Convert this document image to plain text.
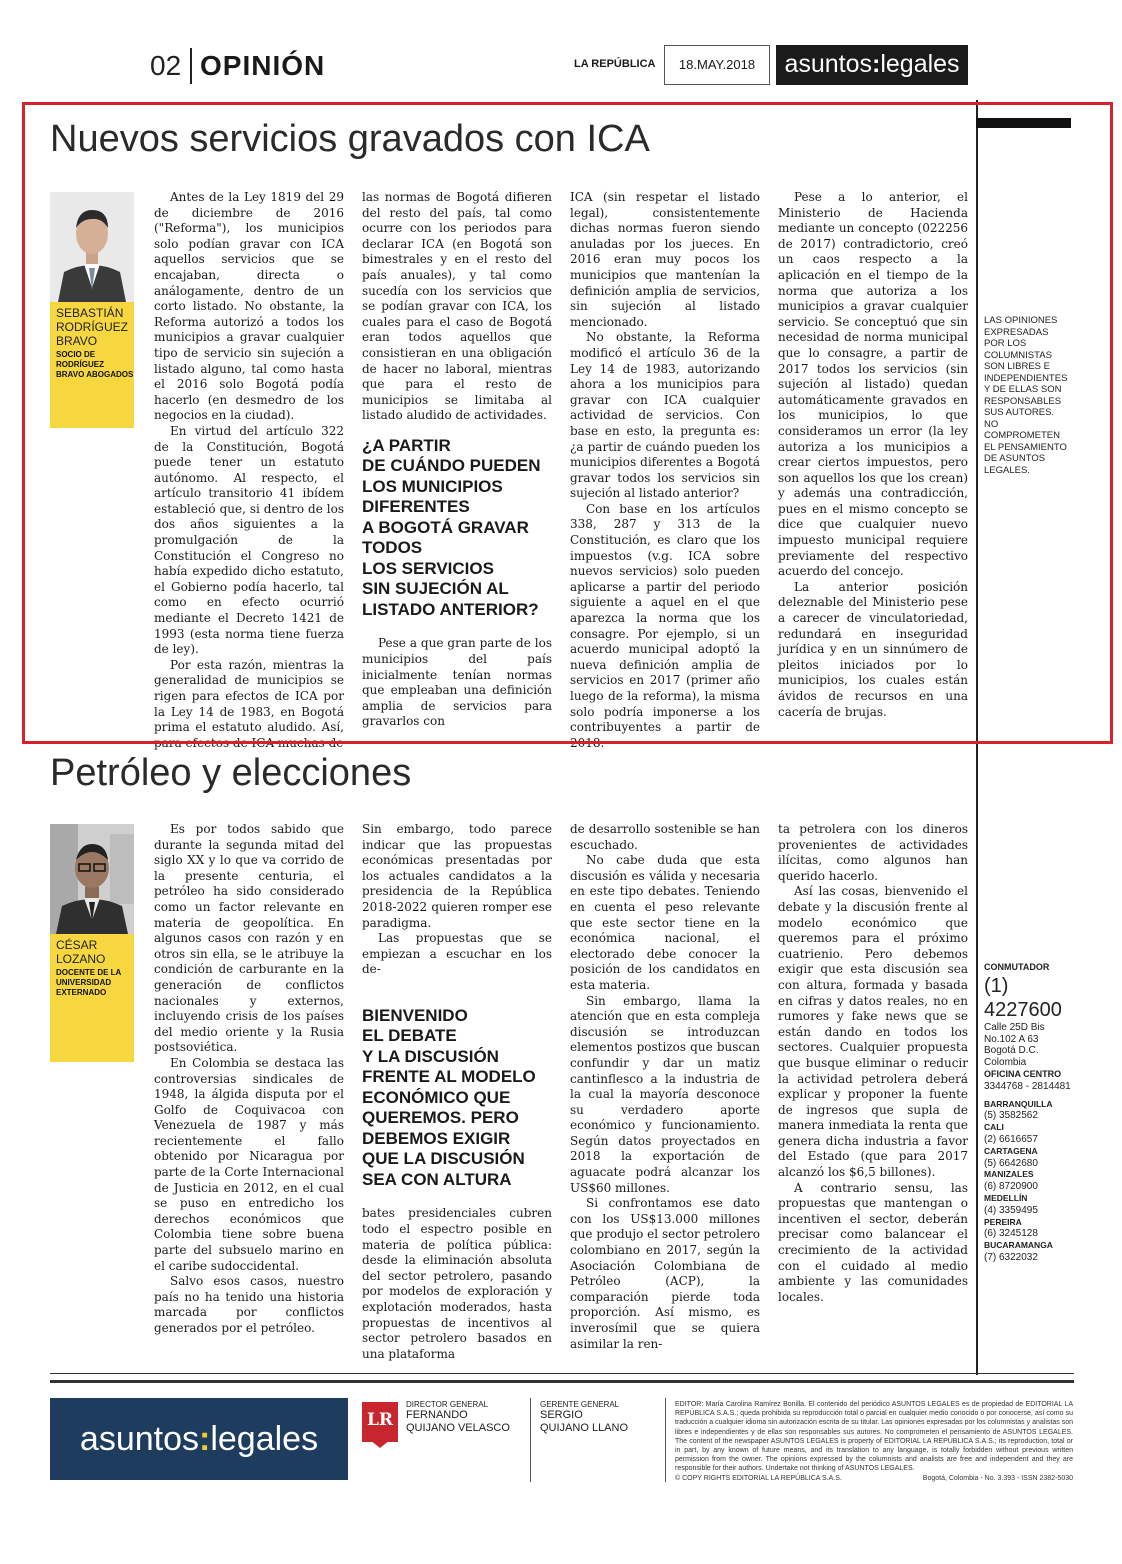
02 OPINIÓN	LA REPÚBLICA	18.MAY.2018	asuntos:legales
Nuevos servicios gravados con ICA
SEBASTIÁN
RODRÍGUEZ
BRAVO
SOCIO DE
RODRÍGUEZ
BRAVO ABOGADOS

Antes de la Ley 1819 del 29 de diciembre de 2016 ("Reforma"), los municipios solo podían gravar con ICA aquellos servicios que se encajaban, directa o análogamente, dentro de un corto listado. No obstante, la Reforma autorizó a todos los municipios a gravar cualquier tipo de servicio sin sujeción a listado alguno, tal como hasta el 2016 solo Bogotá podía hacerlo (en desmedro de los negocios en la ciudad).

En virtud del artículo 322 de la Constitución, Bogotá puede tener un estatuto autónomo. Al respecto, el artículo transitorio 41 ibídem estableció que, si dentro de los dos años siguientes a la promulgación de la Constitución el Congreso no había expedido dicho estatuto, el Gobierno podía hacerlo, tal como en efecto ocurrió mediante el Decreto 1421 de 1993 (esta norma tiene fuerza de ley).

Por esta razón, mientras la generalidad de municipios se rigen para efectos de ICA por la Ley 14 de 1983, en Bogotá prima el estatuto aludido. Así, para efectos de ICA muchas de

las normas de Bogotá difieren del resto del país, tal como ocurre con los periodos para declarar ICA (en Bogotá son bimestrales y en el resto del país anuales), y tal como sucedía con los servicios que se podían gravar con ICA, los cuales para el caso de Bogotá eran todos aquellos que consistieran en una obligación de hacer no laboral, mientras que para el resto de municipios se limitaba al listado aludido de actividades.

¿A PARTIR
DE CUÁNDO PUEDEN
LOS MUNICIPIOS
DIFERENTES
A BOGOTÁ GRAVAR
TODOS
LOS SERVICIOS
SIN SUJECIÓN AL
LISTADO ANTERIOR?

Pese a que gran parte de los municipios del país inicialmente tenían normas que empleaban una definición amplia de servicios para gravarlos con

ICA (sin respetar el listado legal), consistentemente dichas normas fueron siendo anuladas por los jueces. En 2016 eran muy pocos los municipios que mantenían la definición amplia de servicios, sin sujeción al listado mencionado.

No obstante, la Reforma modificó el artículo 36 de la Ley 14 de 1983, autorizando ahora a los municipios para gravar con ICA cualquier actividad de servicios. Con base en esto, la pregunta es: ¿a partir de cuándo pueden los municipios diferentes a Bogotá gravar todos los servicios sin sujeción al listado anterior?

Con base en los artículos 338, 287 y 313 de la Constitución, es claro que los impuestos (v.g. ICA sobre nuevos servicios) solo pueden aplicarse a partir del periodo siguiente a aquel en el que aparezca la norma que los consagre. Por ejemplo, si un acuerdo municipal adoptó la nueva definición amplia de servicios en 2017 (primer año luego de la reforma), la misma solo podría imponerse a los contribuyentes a partir de 2018.

Pese a lo anterior, el Ministerio de Hacienda mediante un concepto (022256 de 2017) contradictorio, creó un caos respecto a la aplicación en el tiempo de la norma que autoriza a los municipios a gravar cualquier servicio. Se conceptuó que sin necesidad de norma municipal que lo consagre, a partir de 2017 todos los servicios (sin sujeción al listado) quedan automáticamente gravados en los municipios, lo que consideramos un error (la ley autoriza a los municipios a crear ciertos impuestos, pero son aquellos los que los crean) y además una contradicción, pues en el mismo concepto se dice que cualquier nuevo impuesto municipal requiere previamente del respectivo acuerdo del concejo.

La anterior posición deleznable del Ministerio pese a carecer de vinculatoriedad, redundará en inseguridad jurídica y en un sinnúmero de pleitos iniciados por lo municipios, los cuales están ávidos de recursos en una cacería de brujas.

LAS OPINIONES EXPRESADAS POR LOS COLUMNISTAS SON LIBRES E INDEPENDIENTES Y DE ELLAS SON RESPONSABLES SUS AUTORES. NO COMPROMETEN EL PENSAMIENTO DE ASUNTOS LEGALES.
Petróleo y elecciones
CÉSAR
LOZANO
DOCENTE DE LA
UNIVERSIDAD
EXTERNADO

Es por todos sabido que durante la segunda mitad del siglo XX y lo que va corrido de la presente centuria, el petróleo ha sido considerado como un factor relevante en materia de geopolítica. En algunos casos con razón y en otros sin ella, se le atribuye la condición de carburante en la generación de conflictos nacionales y externos, incluyendo crisis de los países del medio oriente y la Rusia postsoviética.

En Colombia se destaca las controversias sindicales de 1948, la álgida disputa por el Golfo de Coquivacoa con Venezuela de 1987 y más recientemente el fallo obtenido por Nicaragua por parte de la Corte Internacional de Justicia en 2012, en el cual se puso en entredicho los derechos económicos que Colombia tiene sobre buena parte del subsuelo marino en el caribe sudoccidental.

Salvo esos casos, nuestro país no ha tenido una historia marcada por conflictos generados por el petróleo.

Sin embargo, todo parece indicar que las propuestas económicas presentadas por los actuales candidatos a la presidencia de la República 2018-2022 quieren romper ese paradigma.

Las propuestas que se empiezan a escuchar en los de-

BIENVENIDO
EL DEBATE
Y LA DISCUSIÓN
FRENTE AL MODELO
ECONÓMICO QUE
QUEREMOS. PERO
DEBEMOS EXIGIR
QUE LA DISCUSIÓN
SEA CON ALTURA

bates presidenciales cubren todo el espectro posible en materia de política pública: desde la eliminación absoluta del sector petrolero, pasando por modelos de exploración y explotación moderados, hasta propuestas de incentivos al sector petrolero basados en una plataforma

de desarrollo sostenible se han escuchado.

No cabe duda que esta discusión es válida y necesaria en este tipo debates. Teniendo en cuenta el peso relevante que este sector tiene en la económica nacional, el electorado debe conocer la posición de los candidatos en esta materia.

Sin embargo, llama la atención que en esta compleja discusión se introduzcan elementos postizos que buscan confundir y dar un matiz cantinflesco a la industria de la cual la mayoría desconoce su verdadero aporte económico y funcionamiento. Según datos proyectados en 2018 la exportación de aguacate podrá alcanzar los US$60 millones.

Si confrontamos ese dato con los US$13.000 millones que produjo el sector petrolero colombiano en 2017, según la Asociación Colombiana de Petróleo (ACP), la comparación pierde toda proporción. Así mismo, es inverosímil que se quiera asimilar la ren-

ta petrolera con los dineros provenientes de actividades ilícitas, como algunos han querido hacerlo.

Así las cosas, bienvenido el debate y la discusión frente al modelo económico que queremos para el próximo cuatrienio. Pero debemos exigir que esta discusión sea con altura, formada y basada en cifras y datos reales, no en rumores y fake news que se están dando en todos los sectores. Cualquier propuesta que busque eliminar o reducir la actividad petrolera deberá explicar y proponer la fuente de ingresos que supla de manera inmediata la renta que genera dicha industria a favor del Estado (que para 2017 alcanzó los $6,5 billones).

A contrario sensu, las propuestas que mantengan o incentiven el sector, deberán precisar como balancear el crecimiento de la actividad con el cuidado al medio ambiente y las comunidades locales.

CONMUTADOR
(1) 4227600
Calle 25D Bis
No.102 A 63
Bogotá D.C.
Colombia
OFICINA CENTRO
3344768 - 2814481
BARRANQUILLA
(5) 3582562
CALI
(2) 6616657
CARTAGENA
(5) 6642680
MANIZALES
(6) 8720900
MEDELLÍN
(4) 3359495
PEREIRA
(6) 3245128
BUCARAMANGA
(7) 6322032
asuntos:legales	LR
DIRECTOR GENERAL
FERNANDO
QUIJANO VELASCO
GERENTE GENERAL
SERGIO
QUIJANO LLANO
EDITOR: María Carolina Ramírez Bonilla. El contenido del periódico ASUNTOS LEGALES es de propiedad de EDITORIAL LA REPÚBLICA S.A.S.; queda prohibida su reproducción total o parcial en cualquier medio conocido o por conocerse, así como su traducción a cualquier idioma sin autorización escrita de su titular. Las opiniones expresadas por los columnistas y analistas son libres e independientes y de ellas son responsables sus autores. No comprometen el pensamiento de ASUNTOS LEGALES. The content of the newspaper ASUNTOS LEGALES is property of EDITORIAL LA REPÚBLICA S.A.S.; its reproduction, total or in part, by any known of future means, and its translation to any language, is totally forbidden without previous written permission from the owner. The opinions expressed by the columnists and analists are free and independent and they are responsible for their authors. Undertake not thinking of ASUNTOS LEGALES.
© COPY RIGHTS EDITORIAL LA REPÚBLICA S.A.S.	Bogotá, Colombia - No. 3.393 - ISSN 2382-5030
